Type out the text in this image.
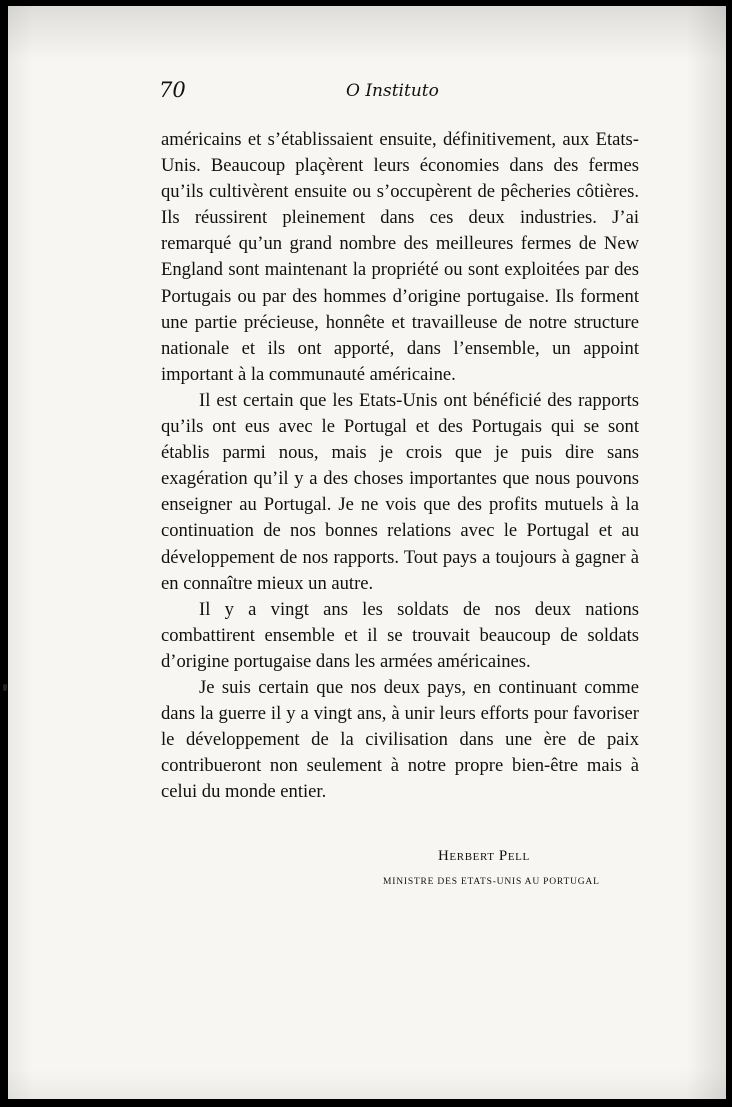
70	O Instituto

américains et s’établissaient ensuite, définitivement, aux Etats-Unis. Beaucoup plaçèrent leurs économies dans des fermes qu’ils cultivèrent ensuite ou s’occupèrent de pêcheries côtières. Ils réussirent pleinement dans ces deux industries. J’ai remarqué qu’un grand nombre des meilleures fermes de New England sont maintenant la propriété ou sont exploitées par des Portugais ou par des hommes d’origine portugaise. Ils forment une partie précieuse, honnête et travailleuse de notre structure nationale et ils ont apporté, dans l’ensemble, un appoint important à la communauté américaine.

Il est certain que les Etats-Unis ont bénéficié des rapports qu’ils ont eus avec le Portugal et des Portugais qui se sont établis parmi nous, mais je crois que je puis dire sans exagération qu’il y a des choses importantes que nous pouvons enseigner au Portugal. Je ne vois que des profits mutuels à la continuation de nos bonnes relations avec le Portugal et au développement de nos rapports. Tout pays a toujours à gagner à en connaître mieux un autre.

Il y a vingt ans les soldats de nos deux nations combattirent ensemble et il se trouvait beaucoup de soldats d’origine portugaise dans les armées américaines.

Je suis certain que nos deux pays, en continuant comme dans la guerre il y a vingt ans, à unir leurs efforts pour favoriser le développement de la civilisation dans une ère de paix contribueront non seulement à notre propre bien-être mais à celui du monde entier.

Herbert Pell
MINISTRE DES ETATS-UNIS AU PORTUGAL
